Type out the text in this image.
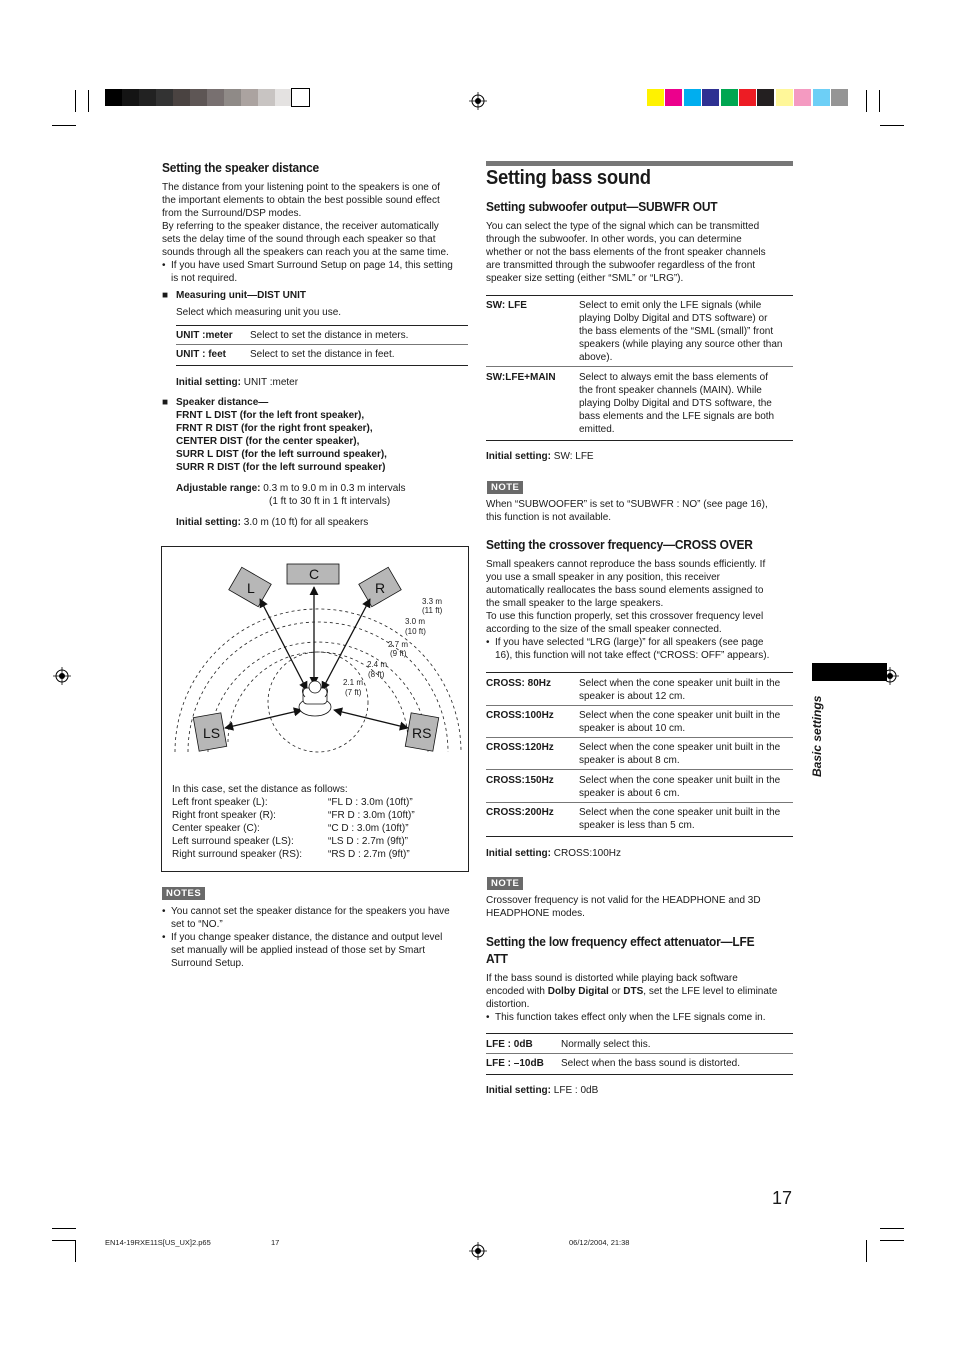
Setting the speaker distance
The distance from your listening point to the speakers is one of
the important elements to obtain the best possible sound effect
from the Surround/DSP modes.
By referring to the speaker distance, the receiver automatically
sets the delay time of the sound through each speaker so that
sounds through all the speakers can reach you at the same time.
• If you have used Smart Surround Setup on page 14, this setting
is not required.
■ Measuring unit—DIST UNIT
Select which measuring unit you use.
UNIT :meter Select to set the distance in meters.
UNIT : feet Select to set the distance in feet.
Initial setting: UNIT :meter
■ Speaker distance—
FRNT L DIST (for the left front speaker),
FRNT R DIST (for the right front speaker),
CENTER DIST (for the center speaker),
SURR L DIST (for the left surround speaker),
SURR R DIST (for the left surround speaker)
Adjustable range: 0.3 m to 9.0 m in 0.3 m intervals
(1 ft to 30 ft in 1 ft intervals)
Initial setting: 3.0 m (10 ft) for all speakers
L
C
R
LS	RS
3.3 m
(11 ft)
3.0 m
(10 ft)
2.7 m
(9 ft)
2.4 m
(8 ft)
2.1 m
(7 ft)
In this case, set the distance as follows:
Left front speaker (L):	“FL D : 3.0m (10ft)”
Right front speaker (R):	“FR D : 3.0m (10ft)”
Center speaker (C):	“C D : 3.0m (10ft)”
Left surround speaker (LS):	“LS D : 2.7m (9ft)”
Right surround speaker (RS):	“RS D : 2.7m (9ft)”
NOTES
• You cannot set the speaker distance for the speakers you have
set to “NO.”
• If you change speaker distance, the distance and output level
set manually will be applied instead of those set by Smart
Surround Setup.
Setting bass sound
Setting subwoofer output—SUBWFR OUT
You can select the type of the signal which can be transmitted
through the subwoofer. In other words, you can determine
whether or not the bass elements of the front speaker channels
are transmitted through the subwoofer regardless of the front
speaker size setting (either “SML” or “LRG”).
SW: LFE	Select to emit only the LFE signals (while
playing Dolby Digital and DTS software) or
the bass elements of the “SML (small)” front
speakers (while playing any source other than
above).
SW:LFE+MAIN Select to always emit the bass elements of
the front speaker channels (MAIN). While
playing Dolby Digital and DTS software, the
bass elements and the LFE signals are both
emitted.
Initial setting: SW: LFE
NOTE
When “SUBWOOFER” is set to “SUBWFR : NO” (see page 16),
this function is not available.
Setting the crossover frequency—CROSS OVER
Small speakers cannot reproduce the bass sounds efficiently. If
you use a small speaker in any position, this receiver
automatically reallocates the bass sound elements assigned to
the small speaker to the large speakers.
To use this function properly, set this crossover frequency level
according to the size of the small speaker connected.
• If you have selected “LRG (large)” for all speakers (see page
16), this function will not take effect (“CROSS: OFF” appears).
CROSS: 80Hz	Select when the cone speaker unit built in the
speaker is about 12 cm.
CROSS:100Hz	Select when the cone speaker unit built in the
speaker is about 10 cm.
CROSS:120Hz	Select when the cone speaker unit built in the
speaker is about 8 cm.
CROSS:150Hz	Select when the cone speaker unit built in the
speaker is about 6 cm.
CROSS:200Hz	Select when the cone speaker unit built in the
speaker is less than 5 cm.
Initial setting: CROSS:100Hz
NOTE
Crossover frequency is not valid for the HEADPHONE and 3D
HEADPHONE modes.
Setting the low frequency effect attenuator—LFE
ATT
If the bass sound is distorted while playing back software
encoded with Dolby Digital or DTS, set the LFE level to eliminate
distortion.
• This function takes effect only when the LFE signals come in.
LFE : 0dB	Normally select this.
LFE : –10dB Select when the bass sound is distorted.
Initial setting: LFE : 0dB
Basic settings
17
EN14-19RXE11S[US_UX]2.p65	17	06/12/2004, 21:38
